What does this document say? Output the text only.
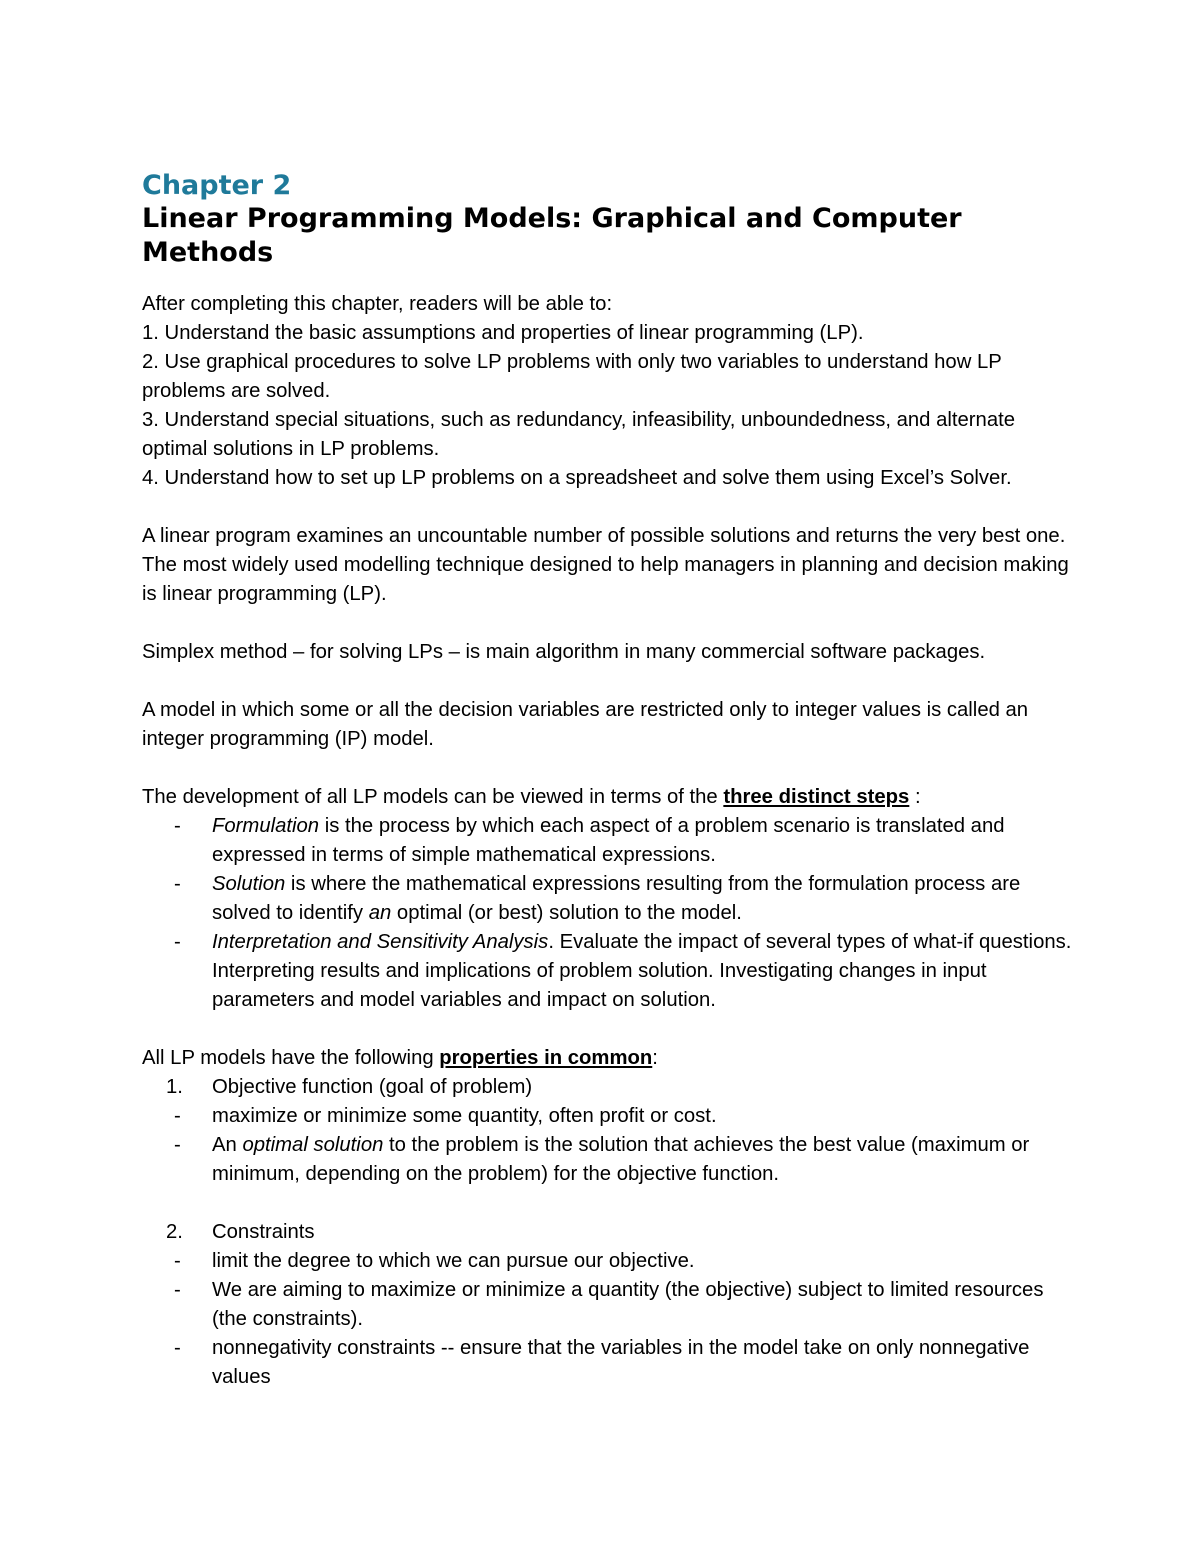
Chapter 2
Linear Programming Models: Graphical and Computer Methods

After completing this chapter, readers will be able to:

1. Understand the basic assumptions and properties of linear programming (LP).

2. Use graphical procedures to solve LP problems with only two variables to understand how LP problems are solved.

3. Understand special situations, such as redundancy, infeasibility, unboundedness, and alternate optimal solutions in LP problems.

4. Understand how to set up LP problems on a spreadsheet and solve them using Excel’s Solver.

A linear program examines an uncountable number of possible solutions and returns the very best one. The most widely used modelling technique designed to help managers in planning and decision making is linear programming (LP).

Simplex method – for solving LPs – is main algorithm in many commercial software packages.

A model in which some or all the decision variables are restricted only to integer values is called an integer programming (IP) model.

The development of all LP models can be viewed in terms of the three distinct steps :

- Formulation is the process by which each aspect of a problem scenario is translated and expressed in terms of simple mathematical expressions.
- Solution is where the mathematical expressions resulting from the formulation process are solved to identify an optimal (or best) solution to the model.
- Interpretation and Sensitivity Analysis. Evaluate the impact of several types of what-if questions. Interpreting results and implications of problem solution. Investigating changes in input parameters and model variables and impact on solution.

All LP models have the following properties in common:

1. Objective function (goal of problem)
- maximize or minimize some quantity, often profit or cost.
- An optimal solution to the problem is the solution that achieves the best value (maximum or minimum, depending on the problem) for the objective function.
2. Constraints
- limit the degree to which we can pursue our objective.
- We are aiming to maximize or minimize a quantity (the objective) subject to limited resources (the constraints).
- nonnegativity constraints -- ensure that the variables in the model take on only nonnegative values
